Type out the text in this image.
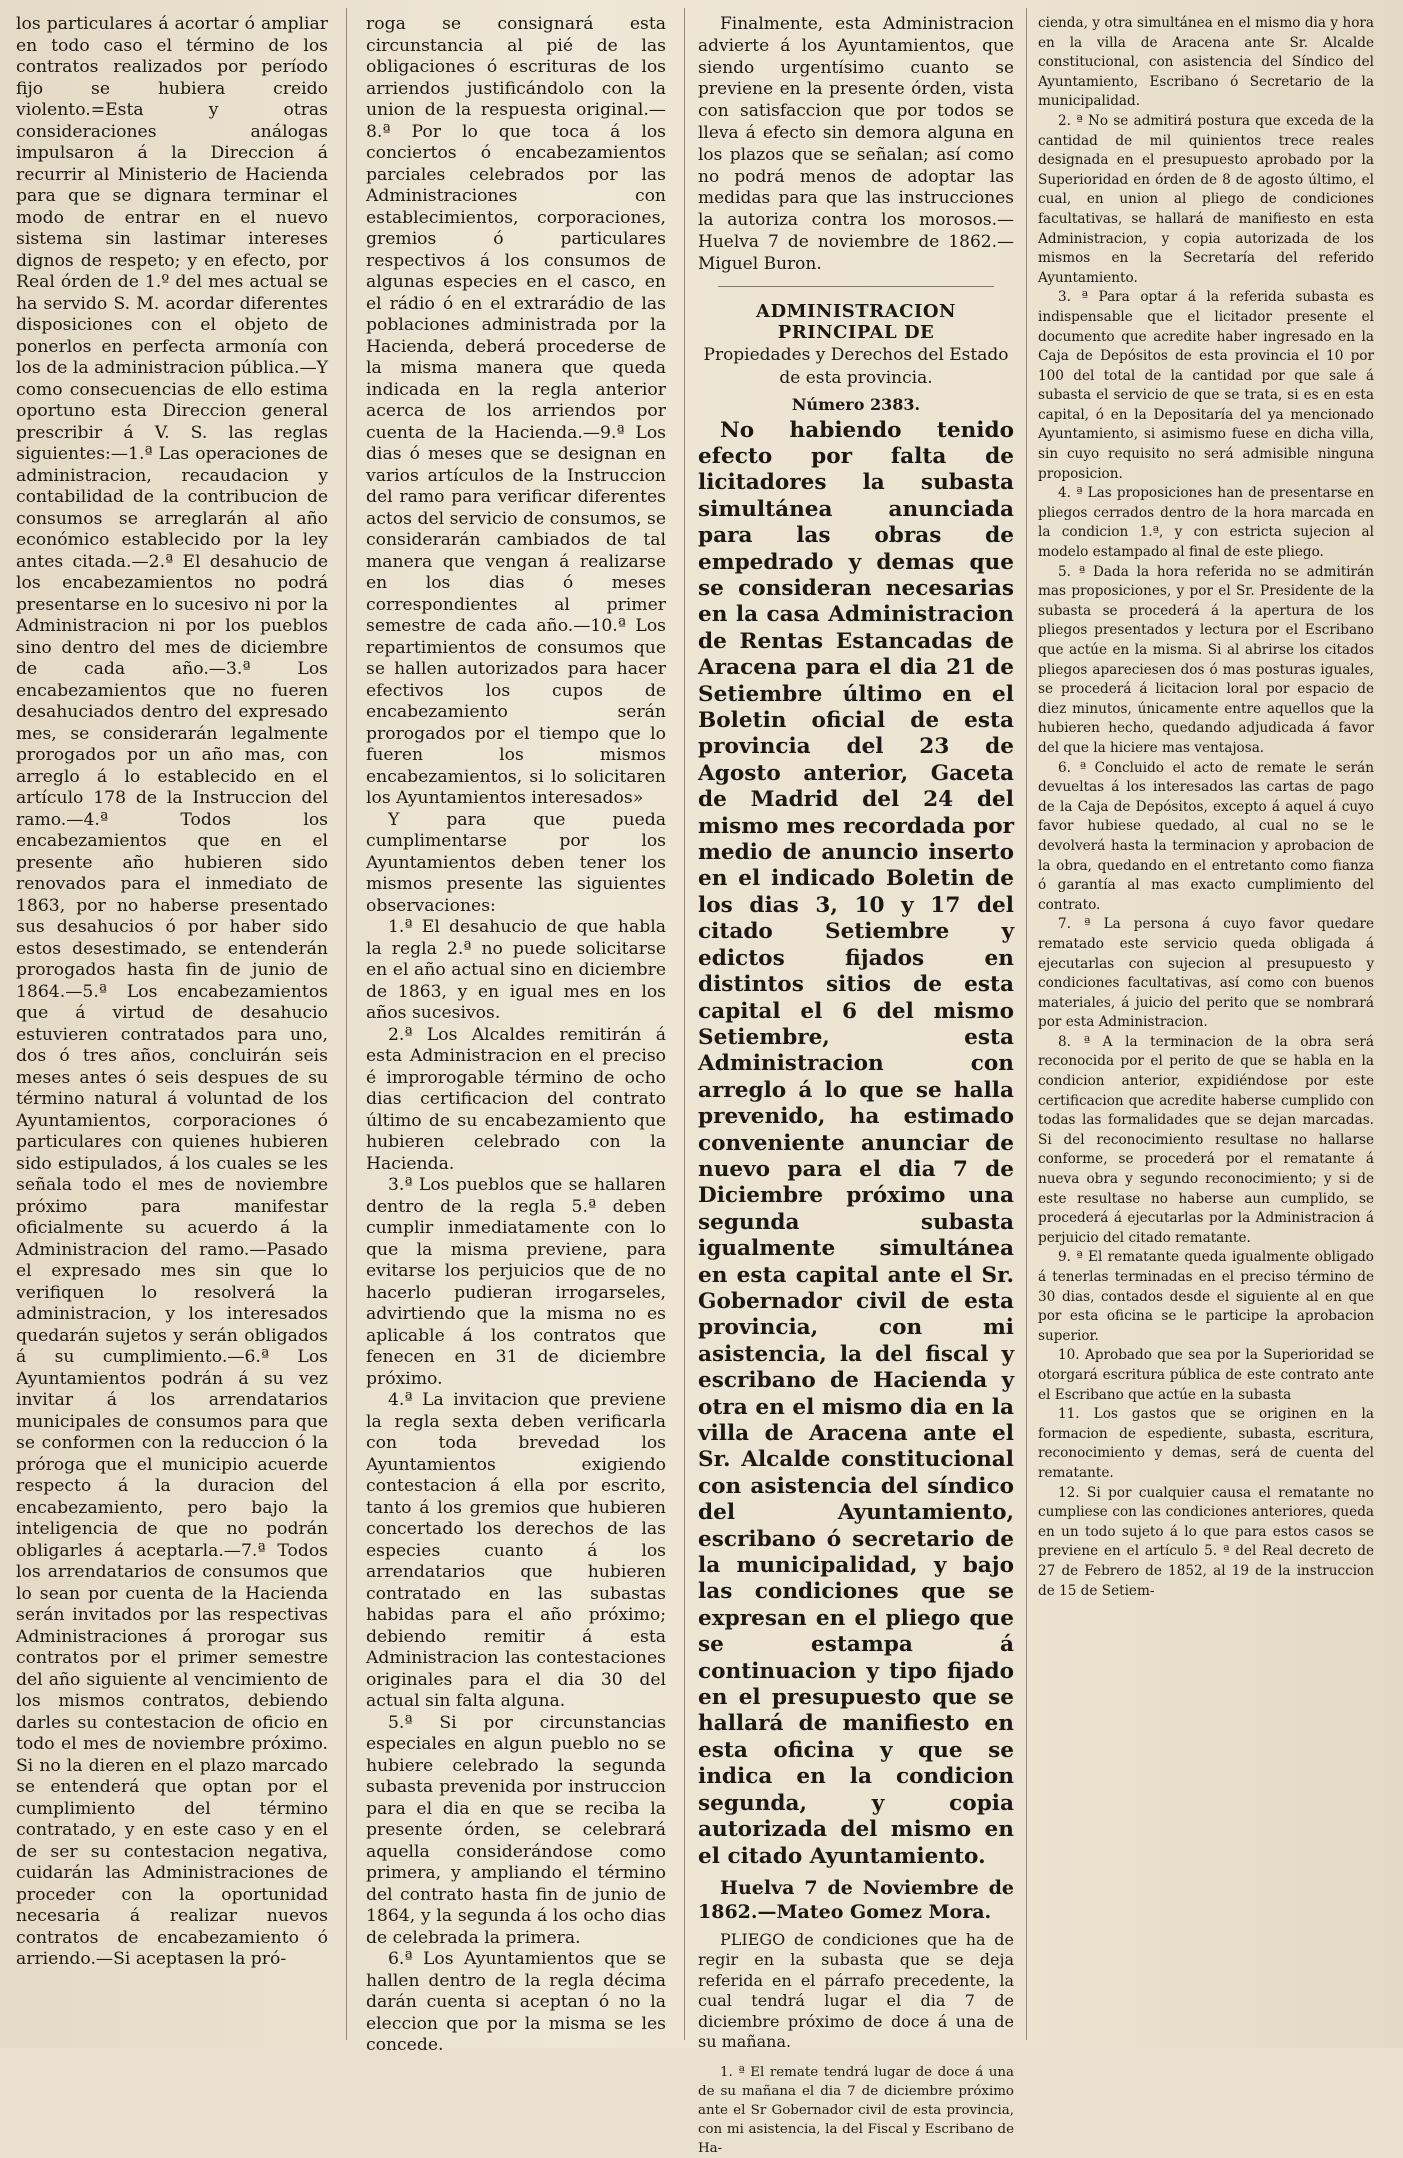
los particulares á acortar ó ampliar en todo caso el término de los contratos realizados por período fijo se hubiera creido violento.=Esta y otras consideraciones análogas impulsaron á la Direccion á recurrir al Ministerio de Hacienda para que se dignara terminar el modo de entrar en el nuevo sistema sin lastimar intereses dignos de respeto; y en efecto, por Real órden de 1.º del mes actual se ha servido S. M. acordar diferentes disposiciones con el objeto de ponerlos en perfecta armonía con los de la administracion pública.—Y como consecuencias de ello estima oportuno esta Direccion general prescribir á V. S. las reglas siguientes:—1.ª Las operaciones de administracion, recaudacion y contabilidad de la contribucion de consumos se arreglarán al año económico establecido por la ley antes citada.—2.ª El desahucio de los encabezamientos no podrá presentarse en lo sucesivo ni por la Administracion ni por los pueblos sino dentro del mes de diciembre de cada año.—3.ª Los encabezamientos que no fueren desahuciados dentro del expresado mes, se considerarán legalmente prorogados por un año mas, con arreglo á lo establecido en el artículo 178 de la Instruccion del ramo.—4.ª Todos los encabezamientos que en el presente año hubieren sido renovados para el inmediato de 1863, por no haberse presentado sus desahucios ó por haber sido estos desestimado, se entenderán prorogados hasta fin de junio de 1864.—5.ª Los encabezamientos que á virtud de desahucio estuvieren contratados para uno, dos ó tres años, concluirán seis meses antes ó seis despues de su término natural á voluntad de los Ayuntamientos, corporaciones ó particulares con quienes hubieren sido estipulados, á los cuales se les señala todo el mes de noviembre próximo para manifestar oficialmente su acuerdo á la Administracion del ramo.—Pasado el expresado mes sin que lo verifiquen lo resolverá la administracion, y los interesados quedarán sujetos y serán obligados á su cumplimiento.—6.ª Los Ayuntamientos podrán á su vez invitar á los arrendatarios municipales de consumos para que se conformen con la reduccion ó la próroga que el municipio acuerde respecto á la duracion del encabezamiento, pero bajo la inteligencia de que no podrán obligarles á aceptarla.—7.ª Todos los arrendatarios de consumos que lo sean por cuenta de la Hacienda serán invitados por las respectivas Administraciones á prorogar sus contratos por el primer semestre del año siguiente al vencimiento de los mismos contratos, debiendo darles su contestacion de oficio en todo el mes de noviembre próximo. Si no la dieren en el plazo marcado se entenderá que optan por el cumplimiento del término contratado, y en este caso y en el de ser su contestacion negativa, cuidarán las Administraciones de proceder con la oportunidad necesaria á realizar nuevos contratos de encabezamiento ó arriendo.—Si aceptasen la pró-

roga se consignará esta circunstancia al pié de las obligaciones ó escrituras de los arriendos justificándolo con la union de la respuesta original.—8.ª Por lo que toca á los conciertos ó encabezamientos parciales celebrados por las Administraciones con establecimientos, corporaciones, gremios ó particulares respectivos á los consumos de algunas especies en el casco, en el rádio ó en el extrarádio de las poblaciones administrada por la Hacienda, deberá procederse de la misma manera que queda indicada en la regla anterior acerca de los arriendos por cuenta de la Hacienda.—9.ª Los dias ó meses que se designan en varios artículos de la Instruccion del ramo para verificar diferentes actos del servicio de consumos, se considerarán cambiados de tal manera que vengan á realizarse en los dias ó meses correspondientes al primer semestre de cada año.—10.ª Los repartimientos de consumos que se hallen autorizados para hacer efectivos los cupos de encabezamiento serán prorogados por el tiempo que lo fueren los mismos encabezamientos, si lo solicitaren los Ayuntamientos interesados»

Y para que pueda cumplimentarse por los Ayuntamientos deben tener los mismos presente las siguientes observaciones:

1.ª El desahucio de que habla la regla 2.ª no puede solicitarse en el año actual sino en diciembre de 1863, y en igual mes en los años sucesivos.

2.ª Los Alcaldes remitirán á esta Administracion en el preciso é improrogable término de ocho dias certificacion del contrato último de su encabezamiento que hubieren celebrado con la Hacienda.

3.ª Los pueblos que se hallaren dentro de la regla 5.ª deben cumplir inmediatamente con lo que la misma previene, para evitarse los perjuicios que de no hacerlo pudieran irrogarseles, advirtiendo que la misma no es aplicable á los contratos que fenecen en 31 de diciembre próximo.

4.ª La invitacion que previene la regla sexta deben verificarla con toda brevedad los Ayuntamientos exigiendo contestacion á ella por escrito, tanto á los gremios que hubieren concertado los derechos de las especies cuanto á los arrendatarios que hubieren contratado en las subastas habidas para el año próximo; debiendo remitir á esta Administracion las contestaciones originales para el dia 30 del actual sin falta alguna.

5.ª Si por circunstancias especiales en algun pueblo no se hubiere celebrado la segunda subasta prevenida por instruccion para el dia en que se reciba la presente órden, se celebrará aquella considerándose como primera, y ampliando el término del contrato hasta fin de junio de 1864, y la segunda á los ocho dias de celebrada la primera.

6.ª Los Ayuntamientos que se hallen dentro de la regla décima darán cuenta si aceptan ó no la eleccion que por la misma se les concede.

Finalmente, esta Administracion advierte á los Ayuntamientos, que siendo urgentísimo cuanto se previene en la presente órden, vista con satisfaccion que por todos se lleva á efecto sin demora alguna en los plazos que se señalan; así como no podrá menos de adoptar las medidas para que las instrucciones la autoriza contra los morosos.—Huelva 7 de noviembre de 1862.—Miguel Buron.

ADMINISTRACION PRINCIPAL DE

Propiedades y Derechos del Estado

de esta provincia.

Número 2383.

No habiendo tenido efecto por falta de licitadores la subasta simultánea anunciada para las obras de empedrado y demas que se consideran necesarias en la casa Administracion de Rentas Estancadas de Aracena para el dia 21 de Setiembre último en el Boletin oficial de esta provincia del 23 de Agosto anterior, Gaceta de Madrid del 24 del mismo mes recordada por medio de anuncio inserto en el indicado Boletin de los dias 3, 10 y 17 del citado Setiembre y edictos fijados en distintos sitios de esta capital el 6 del mismo Setiembre, esta Administracion con arreglo á lo que se halla prevenido, ha estimado conveniente anunciar de nuevo para el dia 7 de Diciembre próximo una segunda subasta igualmente simultánea en esta capital ante el Sr. Gobernador civil de esta provincia, con mi asistencia, la del fiscal y escribano de Hacienda y otra en el mismo dia en la villa de Aracena ante el Sr. Alcalde constitucional con asistencia del síndico del Ayuntamiento, escribano ó secretario de la municipalidad, y bajo las condiciones que se expresan en el pliego que se estampa á continuacion y tipo fijado en el presupuesto que se hallará de manifiesto en esta oficina y que se indica en la condicion segunda, y copia autorizada del mismo en el citado Ayuntamiento.

Huelva 7 de Noviembre de 1862.—Mateo Gomez Mora.

PLIEGO de condiciones que ha de regir en la subasta que se deja referida en el párrafo precedente, la cual tendrá lugar el dia 7 de diciembre próximo de doce á una de su mañana.

1. ª El remate tendrá lugar de doce á una de su mañana el dia 7 de diciembre próximo ante el Sr Gobernador civil de esta provincia, con mi asistencia, la del Fiscal y Escribano de Ha-

cienda, y otra simultánea en el mismo dia y hora en la villa de Aracena ante Sr. Alcalde constitucional, con asistencia del Síndico del Ayuntamiento, Escribano ó Secretario de la municipalidad.

2. ª No se admitirá postura que exceda de la cantidad de mil quinientos trece reales designada en el presupuesto aprobado por la Superioridad en órden de 8 de agosto último, el cual, en union al pliego de condiciones facultativas, se hallará de manifiesto en esta Administracion, y copia autorizada de los mismos en la Secretaría del referido Ayuntamiento.

3. ª Para optar á la referida subasta es indispensable que el licitador presente el documento que acredite haber ingresado en la Caja de Depósitos de esta provincia el 10 por 100 del total de la cantidad por que sale á subasta el servicio de que se trata, si es en esta capital, ó en la Depositaría del ya mencionado Ayuntamiento, si asimismo fuese en dicha villa, sin cuyo requisito no será admisible ninguna proposicion.

4. ª Las proposiciones han de presentarse en pliegos cerrados dentro de la hora marcada en la condicion 1.ª, y con estricta sujecion al modelo estampado al final de este pliego.

5. ª Dada la hora referida no se admitirán mas proposiciones, y por el Sr. Presidente de la subasta se procederá á la apertura de los pliegos presentados y lectura por el Escribano que actúe en la misma. Si al abrirse los citados pliegos apareciesen dos ó mas posturas iguales, se procederá á licitacion loral por espacio de diez minutos, únicamente entre aquellos que la hubieren hecho, quedando adjudicada á favor del que la hiciere mas ventajosa.

6. ª Concluido el acto de remate le serán devueltas á los interesados las cartas de pago de la Caja de Depósitos, excepto á aquel á cuyo favor hubiese quedado, al cual no se le devolverá hasta la terminacion y aprobacion de la obra, quedando en el entretanto como fianza ó garantía al mas exacto cumplimiento del contrato.

7. ª La persona á cuyo favor quedare rematado este servicio queda obligada á ejecutarlas con sujecion al presupuesto y condiciones facultativas, así como con buenos materiales, á juicio del perito que se nombrará por esta Administracion.

8. ª A la terminacion de la obra será reconocida por el perito de que se habla en la condicion anterior, expidiéndose por este certificacion que acredite haberse cumplido con todas las formalidades que se dejan marcadas. Si del reconocimiento resultase no hallarse conforme, se procederá por el rematante á nueva obra y segundo reconocimiento; y si de este resultase no haberse aun cumplido, se procederá á ejecutarlas por la Administracion á perjuicio del citado rematante.

9. ª El rematante queda igualmente obligado á tenerlas terminadas en el preciso término de 30 dias, contados desde el siguiente al en que por esta oficina se le participe la aprobacion superior.

10. Aprobado que sea por la Superioridad se otorgará escritura pública de este contrato ante el Escribano que actúe en la subasta

11. Los gastos que se originen en la formacion de espediente, subasta, escritura, reconocimiento y demas, será de cuenta del rematante.

12. Si por cualquier causa el rematante no cumpliese con las condiciones anteriores, queda en un todo sujeto á lo que para estos casos se previene en el artículo 5. ª del Real decreto de 27 de Febrero de 1852, al 19 de la instruccion de 15 de Setiem-
